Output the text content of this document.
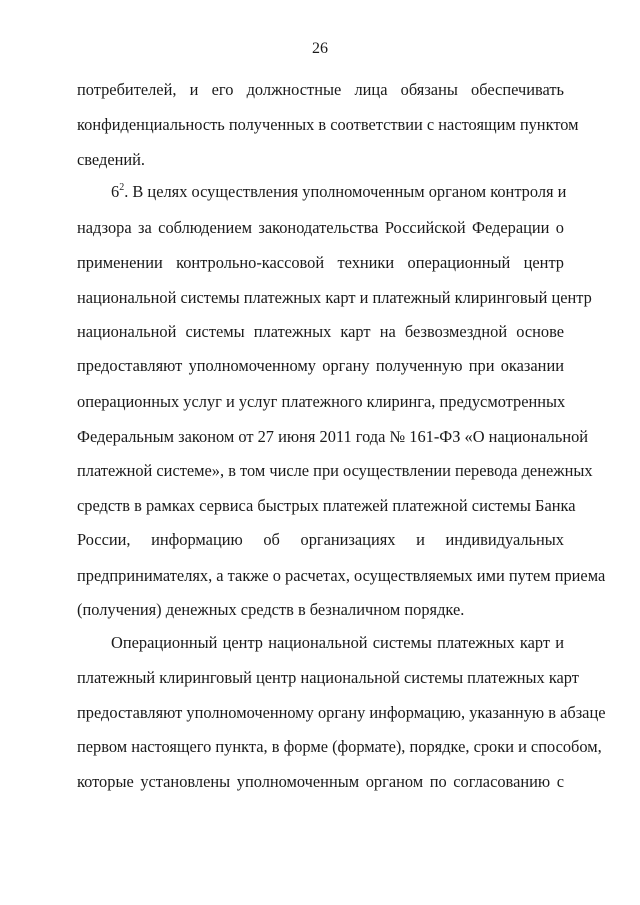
26
потребителей, и его должностные лица обязаны обеспечивать
конфиденциальность полученных в соответствии с настоящим пунктом
сведений.
$6^2$. В целях осуществления уполномоченным органом контроля и
надзора за соблюдением законодательства Российской Федерации о
применении контрольно-кассовой техники операционный центр
национальной системы платежных карт и платежный клиринговый центр
национальной системы платежных карт на безвозмездной основе
предоставляют уполномоченному органу полученную при оказании
операционных услуг и услуг платежного клиринга, предусмотренных
Федеральным законом от 27 июня 2011 года № 161-ФЗ «О национальной
платежной системе», в том числе при осуществлении перевода денежных
средств в рамках сервиса быстрых платежей платежной системы Банка
России, информацию об организациях и индивидуальных
предпринимателях, а также о расчетах, осуществляемых ими путем приема
(получения) денежных средств в безналичном порядке.
Операционный центр национальной системы платежных карт и
платежный клиринговый центр национальной системы платежных карт
предоставляют уполномоченному органу информацию, указанную в абзаце
первом настоящего пункта, в форме (формате), порядке, сроки и способом,
которые установлены уполномоченным органом по согласованию с
